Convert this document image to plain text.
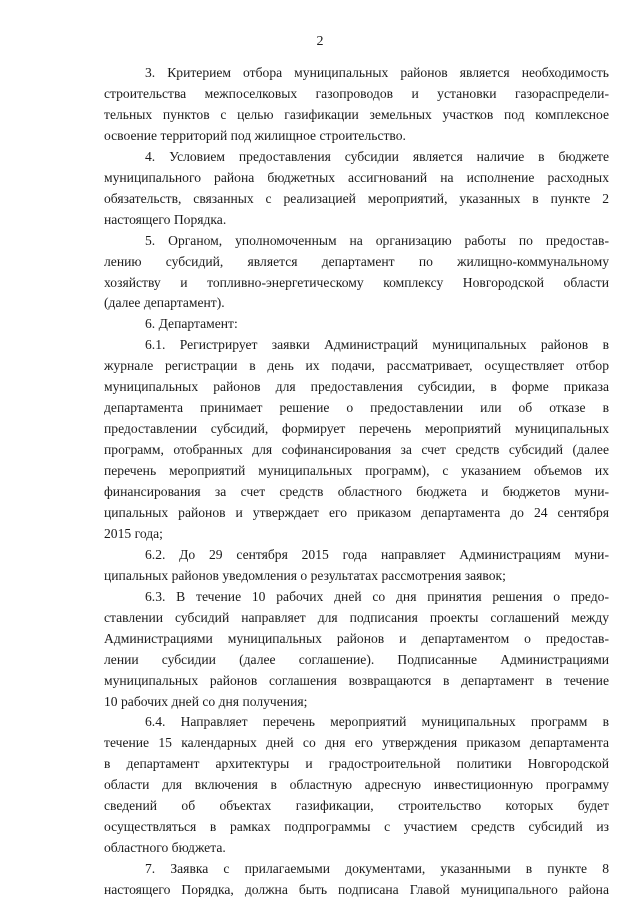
2
3. Критерием отбора муниципальных районов является необходимость
строительства межпоселковых газопроводов и установки газораспредели-
тельных пунктов с целью газификации земельных участков под комплексное
освоение территорий под жилищное строительство.
4. Условием предоставления субсидии является наличие в бюджете
муниципального района бюджетных ассигнований на исполнение расходных
обязательств, связанных с реализацией мероприятий, указанных в пункте 2
настоящего Порядка.
5. Органом, уполномоченным на организацию работы по предостав-
лению субсидий, является департамент по жилищно-коммунальному
хозяйству и топливно-энергетическому комплексу Новгородской области
(далее департамент).
6. Департамент:
6.1. Регистрирует заявки Администраций муниципальных районов в
журнале регистрации в день их подачи, рассматривает, осуществляет отбор
муниципальных районов для предоставления субсидии, в форме приказа
департамента принимает решение о предоставлении или об отказе в
предоставлении субсидий, формирует перечень мероприятий муниципальных
программ, отобранных для софинансирования за счет средств субсидий (далее
перечень мероприятий муниципальных программ), с указанием объемов их
финансирования за счет средств областного бюджета и бюджетов муни-
ципальных районов и утверждает его приказом департамента до 24 сентября
2015 года;
6.2. До 29 сентября 2015 года направляет Администрациям муни-
ципальных районов уведомления о результатах рассмотрения заявок;
6.3. В течение 10 рабочих дней со дня принятия решения о предо-
ставлении субсидий направляет для подписания проекты соглашений между
Администрациями муниципальных районов и департаментом о предостав-
лении субсидии (далее соглашение). Подписанные Администрациями
муниципальных районов соглашения возвращаются в департамент в течение
10 рабочих дней со дня получения;
6.4. Направляет перечень мероприятий муниципальных программ в
течение 15 календарных дней со дня его утверждения приказом департамента
в департамент архитектуры и градостроительной политики Новгородской
области для включения в областную адресную инвестиционную программу
сведений об объектах газификации, строительство которых будет
осуществляться в рамках подпрограммы с участием средств субсидий из
областного бюджета.
7. Заявка с прилагаемыми документами, указанными в пункте 8
настоящего Порядка, должна быть подписана Главой муниципального района
